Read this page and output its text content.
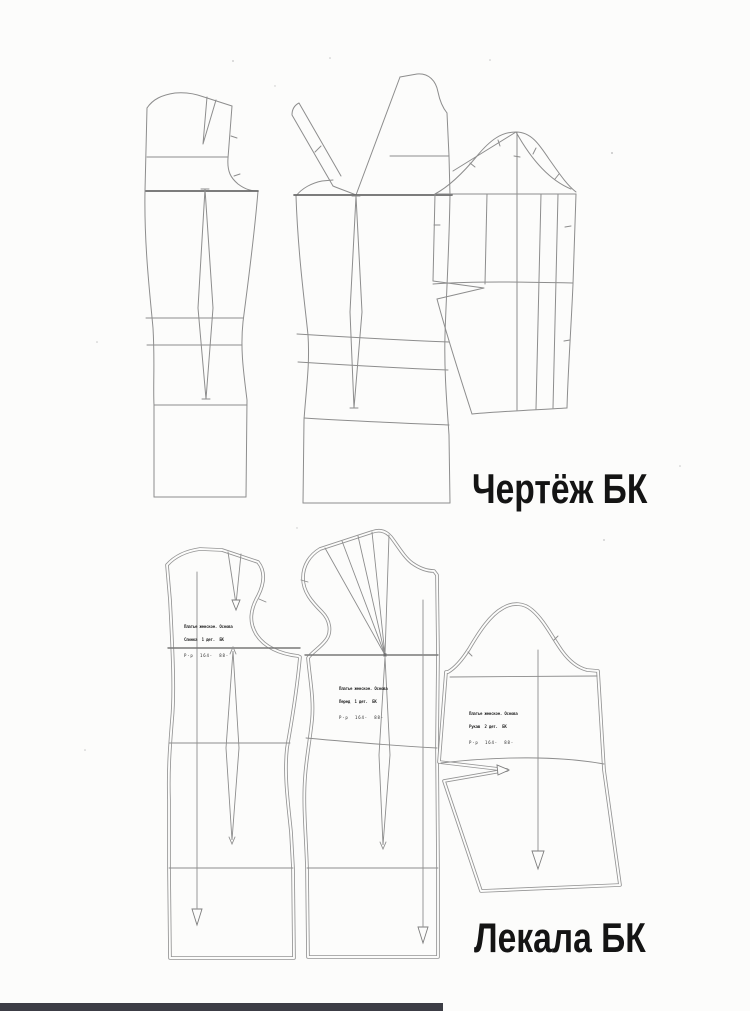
Платье женское. Основа

Спинка  1 дет.  БК

Р-р  164-  88-

Платье женское. Основа

Перед  1 дет.  БК

Р-р  164-  88-

Платье женское. Основа

Рукав  2 дет.  БК

Р-р  164-  88-

Чертёж БК
Лекала БК
